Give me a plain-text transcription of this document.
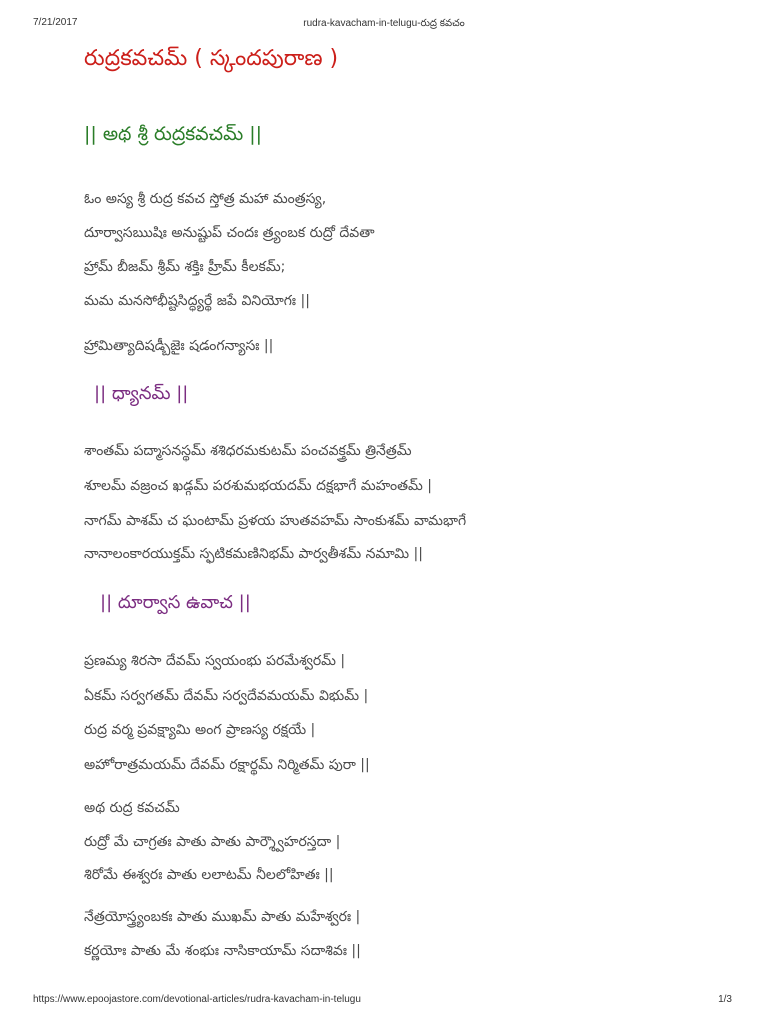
7/21/2017	rudra-kavacham-in-telugu-రుద్ర కవచం
రుద్రకవచమ్ ( స్కందపురాణ )
|| అథ శ్రీ రుద్రకవచమ్ ||
ఓం అస్య శ్రీ రుద్ర కవచ స్తోత్ర మహా మంత్రస్య,
దూర్వాసఋషిః అనుష్టుప్ చందః త్ర్యంబక రుద్రో దేవతా
హ్రామ్ బీజమ్ శ్రీమ్ శక్తిః హ్రీమ్ కీలకమ్;
మమ మనసోభీష్టసిద్ధ్యర్థే జపే వినియోగః ||
హ్రామిత్యాదిషడ్బీజైః షడంగన్యాసః ||
|| ధ్యానమ్ ||
శాంతమ్ పద్మాసనస్థమ్ శశిధరమకుటమ్ పంచవక్త్రమ్ త్రినేత్రమ్
శూలమ్ వజ్రంచ ఖడ్గమ్ పరశుమభయదమ్ దక్షభాగే మహంతమ్ |
నాగమ్ పాశమ్ చ ఘంటామ్ ప్రళయ హుతవహమ్ సాంకుశమ్ వామభాగే
నానాలంకారయుక్తమ్ స్ఫటికమణినిభమ్ పార్వతీశమ్ నమామి ||
|| దూర్వాస ఉవాచ ||
ప్రణమ్య శిరసా దేవమ్ స్వయంభు పరమేశ్వరమ్ |
ఏకమ్ సర్వగతమ్ దేవమ్ సర్వదేవమయమ్ విభుమ్ |
రుద్ర వర్మ ప్రవక్ష్యామి అంగ ప్రాణస్య రక్షయే |
అహోరాత్రమయమ్ దేవమ్ రక్షార్థమ్ నిర్మితమ్ పురా ||
అథ రుద్ర కవచమ్
రుద్రో మే చాగ్రతః పాతు పాతు పార్శ్వౌహరస్తదా |
శిరోమే ఈశ్వరః పాతు లలాటమ్ నీలలోహితః ||
నేత్రయోస్త్ర్యంబకః పాతు ముఖమ్ పాతు మహేశ్వరః |
కర్ణయోః పాతు మే శంభుః నాసికాయామ్ సదాశివః ||
https://www.epoojastore.com/devotional-articles/rudra-kavacham-in-telugu	1/3
